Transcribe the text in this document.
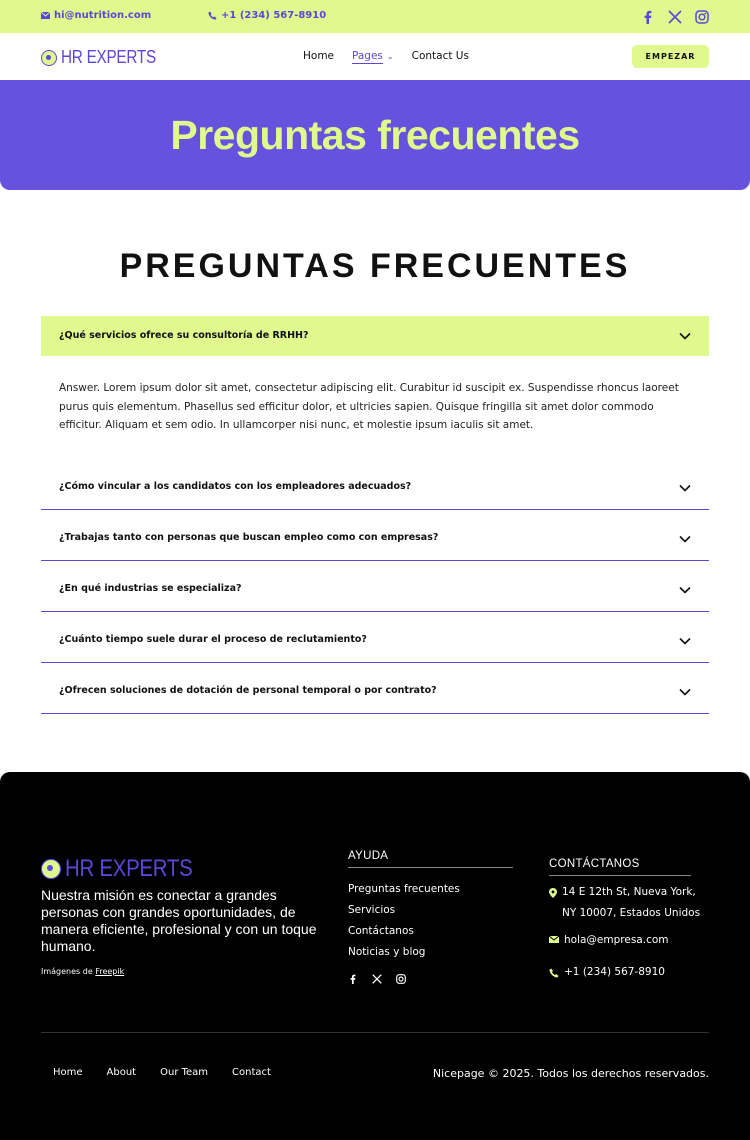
hi@nutrition.com	+1 (234) 567-8910
HR EXPERTS	Home Pages ⌄ Contact Us	EMPEZAR
Preguntas frecuentes
PREGUNTAS FRECUENTES
¿Qué servicios ofrece su consultoría de RRHH?

Answer. Lorem ipsum dolor sit amet, consectetur adipiscing elit. Curabitur id suscipit ex. Suspendisse rhoncus laoreet purus quis elementum. Phasellus sed efficitur dolor, et ultricies sapien. Quisque fringilla sit amet dolor commodo efficitur. Aliquam et sem odio. In ullamcorper nisi nunc, et molestie ipsum iaculis sit amet.

¿Cómo vincular a los candidatos con los empleadores adecuados?
¿Trabajas tanto con personas que buscan empleo como con empresas?
¿En qué industrias se especializa?
¿Cuánto tiempo suele durar el proceso de reclutamiento?
¿Ofrecen soluciones de dotación de personal temporal o por contrato?
HR EXPERTS

Nuestra misión es conectar a grandes personas con grandes oportunidades, de manera eficiente, profesional y con un toque humano.

Imágenes de Freepik
AYUDA
Preguntas frecuentes
Servicios
Contáctanos
Noticias y blog
CONTÁCTANOS
14 E 12th St, Nueva York, NY 10007, Estados Unidos
hola@empresa.com
+1 (234) 567-8910
Home About Our Team Contact	Nicepage © 2025. Todos los derechos reservados.
